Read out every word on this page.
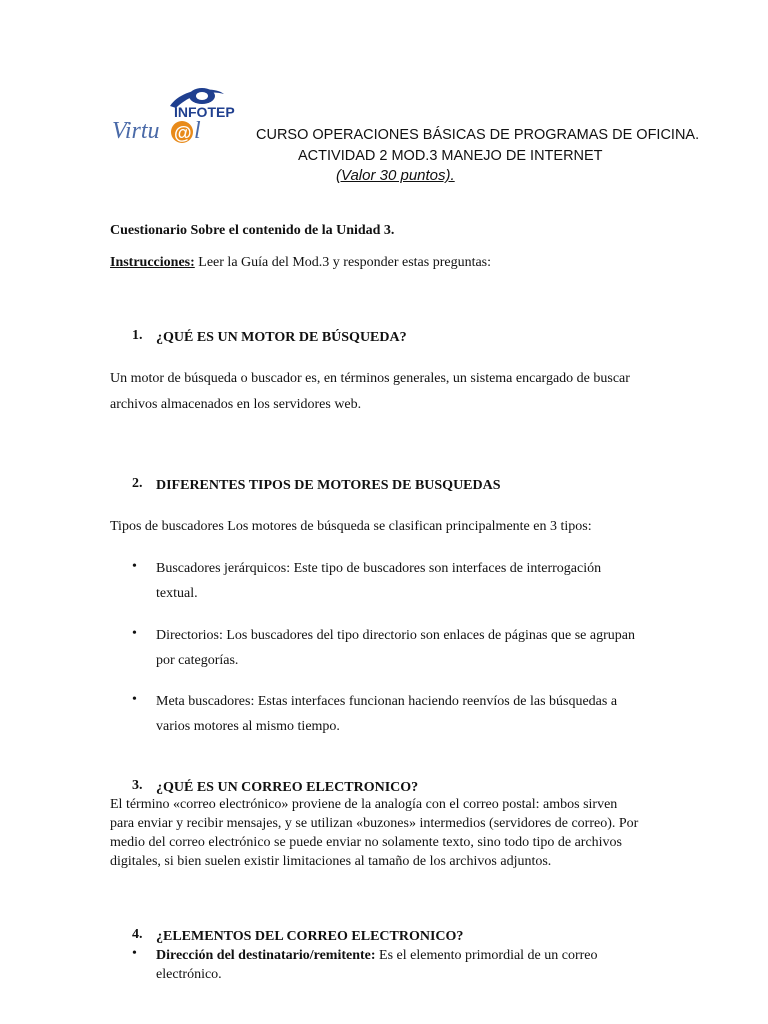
INFOTEP
Virtu @ l	CURSO OPERACIONES BÁSICAS DE PROGRAMAS DE OFICINA.
ACTIVIDAD 2 MOD.3 MANEJO DE INTERNET
(Valor 30 puntos).
Cuestionario Sobre el contenido de la Unidad 3.
Instrucciones: Leer la Guía del Mod.3 y responder estas preguntas:
1. ¿QUÉ ES UN MOTOR DE BÚSQUEDA?
Un motor de búsqueda o buscador es, en términos generales, un sistema encargado de buscar
archivos almacenados en los servidores web.
2. DIFERENTES TIPOS DE MOTORES DE BUSQUEDAS
Tipos de buscadores Los motores de búsqueda se clasifican principalmente en 3 tipos:
• Buscadores jerárquicos: Este tipo de buscadores son interfaces de interrogación
textual.
• Directorios: Los buscadores del tipo directorio son enlaces de páginas que se agrupan
por categorías.
• Meta buscadores: Estas interfaces funcionan haciendo reenvíos de las búsquedas a
varios motores al mismo tiempo.
3. ¿QUÉ ES UN CORREO ELECTRONICO?
El término «correo electrónico» proviene de la analogía con el correo postal: ambos sirven
para enviar y recibir mensajes, y se utilizan «buzones» intermedios (servidores de correo). Por
medio del correo electrónico se puede enviar no solamente texto, sino todo tipo de archivos
digitales, si bien suelen existir limitaciones al tamaño de los archivos adjuntos.
4. ¿ELEMENTOS DEL CORREO ELECTRONICO?
• Dirección del destinatario/remitente: Es el elemento primordial de un correo
electrónico.
